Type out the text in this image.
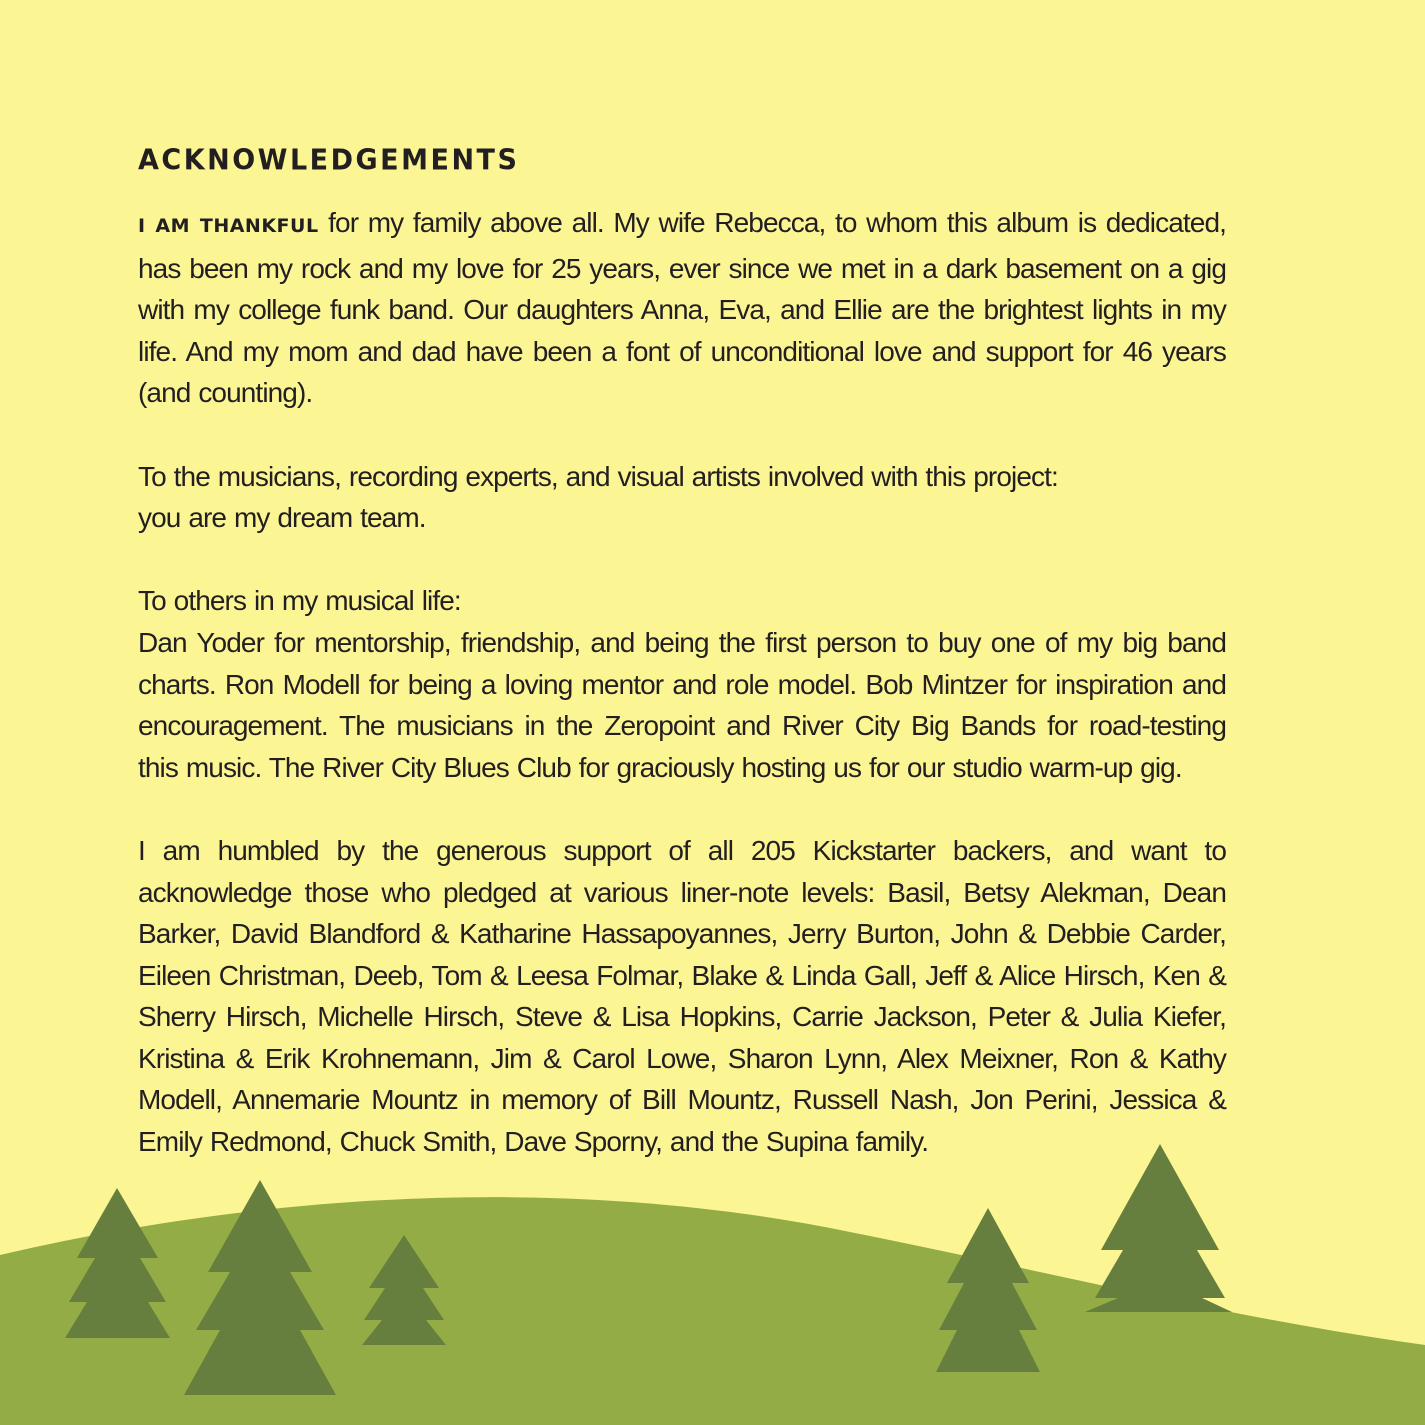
ACKNOWLEDGEMENTS

I AM THANKFUL for my family above all. My wife Rebecca, to whom this album is dedicated, has been my rock and my love for 25 years, ever since we met in a dark basement on a gig with my college funk band. Our daughters Anna, Eva, and Ellie are the brightest lights in my life. And my mom and dad have been a font of unconditional love and support for 46 years (and counting).

To the musicians, recording experts, and visual artists involved with this project:
you are my dream team.

To others in my musical life:
Dan Yoder for mentorship, friendship, and being the first person to buy one of my big band charts. Ron Modell for being a loving mentor and role model. Bob Mintzer for inspiration and encouragement. The musicians in the Zeropoint and River City Big Bands for road-testing this music. The River City Blues Club for graciously hosting us for our studio warm-up gig.

I am humbled by the generous support of all 205 Kickstarter backers, and want to acknowledge those who pledged at various liner-note levels: Basil, Betsy Alekman, Dean Barker, David Blandford & Katharine Hassapoyannes, Jerry Burton, John & Debbie Carder, Eileen Christman, Deeb, Tom & Leesa Folmar, Blake & Linda Gall, Jeff & Alice Hirsch, Ken & Sherry Hirsch, Michelle Hirsch, Steve & Lisa Hopkins, Carrie Jackson, Peter & Julia Kiefer, Kristina & Erik Krohnemann, Jim & Carol Lowe, Sharon Lynn, Alex Meixner, Ron & Kathy Modell, Annemarie Mountz in memory of Bill Mountz, Russell Nash, Jon Perini, Jessica & Emily Redmond, Chuck Smith, Dave Sporny, and the Supina family.
